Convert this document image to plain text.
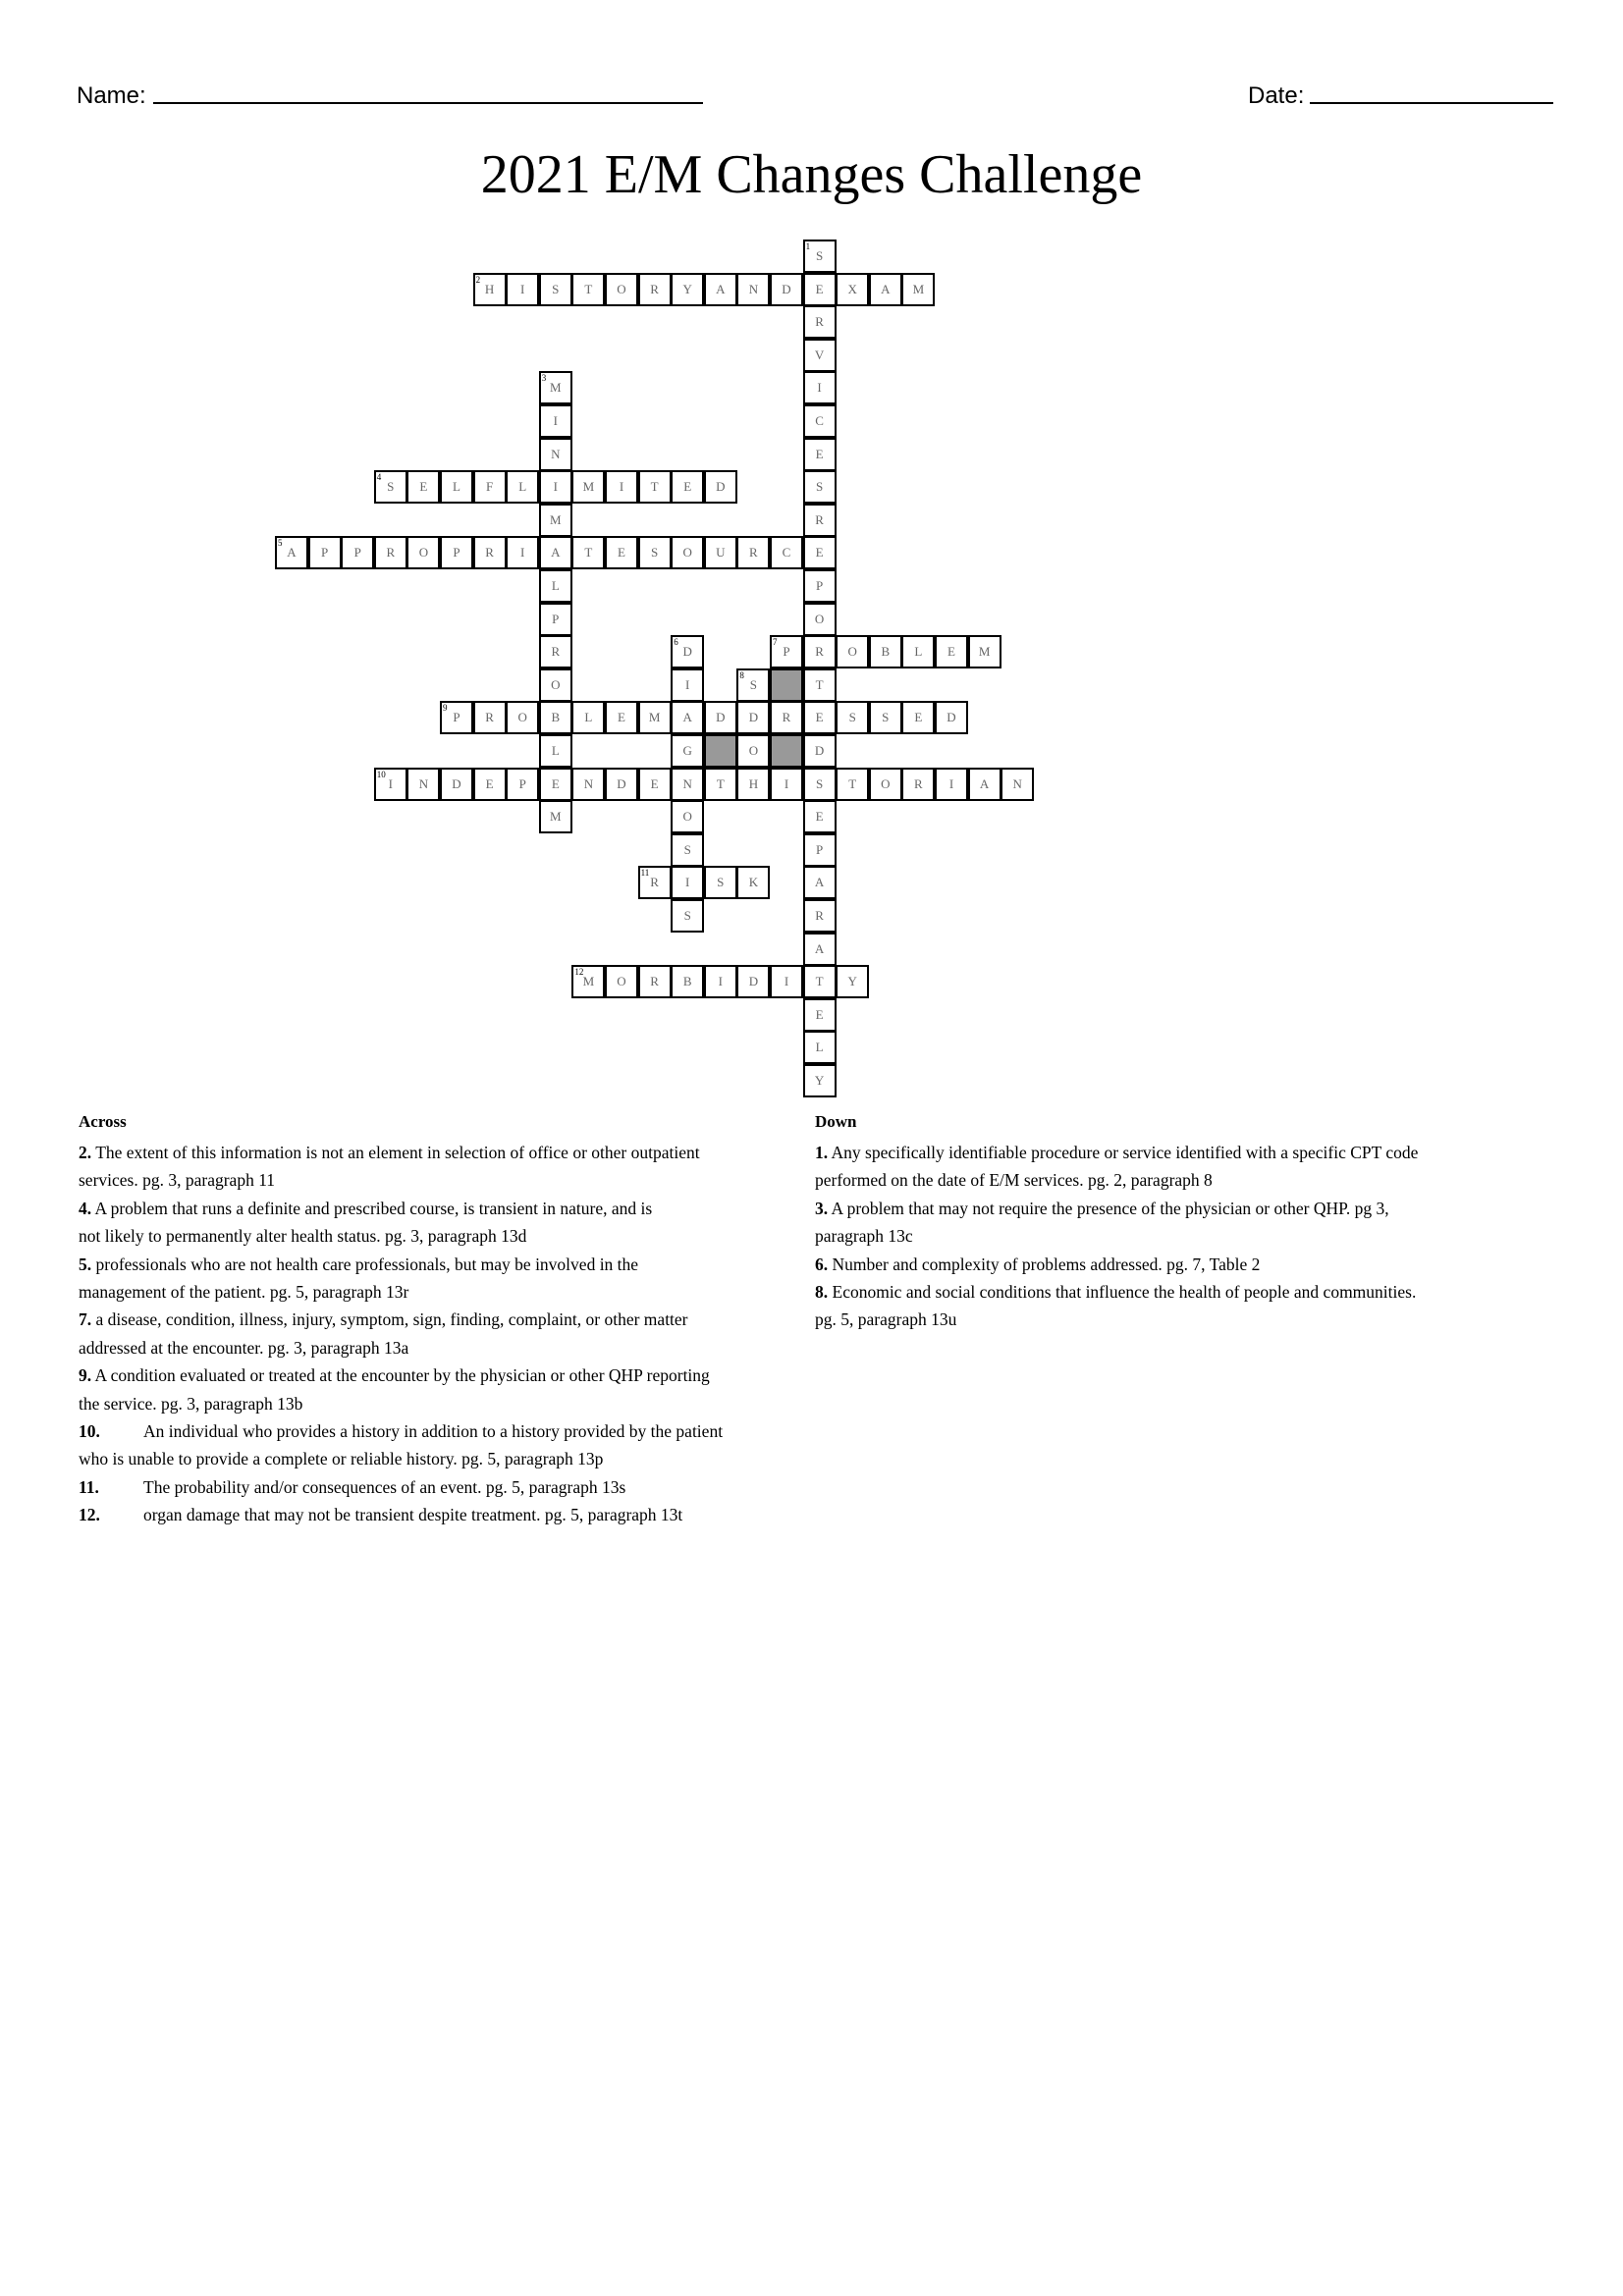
Name:	Date:
2021 E/M Changes Challenge
S
1
E
R
V
I
C
E
S
R
E
P
O
R
T
E
D
S
E
P
A
R
A
T
E
L
Y
H
2
I S T O R Y A N D	X A M
M
3
I
N
I
M
A
L
P
R
O
B
L
E
M
S
4
E L F L	M I T E D
A
5
P P R O P R I	T E S O U R C
D
6
I
A
G
N
O
S
I
S
P
7
O B L E M
S
8
D
O
H
P
9
R O	L E M	D	R	S S E D
I
10
N D E P	N D E	T	I	T O R I A N
R
11
S K
M
12
O R B I D I	Y
Across
2. The extent of this information is not an element in selection of office or other outpatient
services. pg. 3, paragraph 11
4. A problem that runs a definite and prescribed course, is transient in nature, and is
not likely to permanently alter health status. pg. 3, paragraph 13d
5. professionals who are not health care professionals, but may be involved in the
management of the patient. pg. 5, paragraph 13r
7. a disease, condition, illness, injury, symptom, sign, finding, complaint, or other matter
addressed at the encounter. pg. 3, paragraph 13a
9. A condition evaluated or treated at the encounter by the physician or other QHP reporting
the service. pg. 3, paragraph 13b
10.	An individual who provides a history in addition to a history provided by the patient
who is unable to provide a complete or reliable history. pg. 5, paragraph 13p
11.	The probability and/or consequences of an event. pg. 5, paragraph 13s
12.	organ damage that may not be transient despite treatment. pg. 5, paragraph 13t
Down
1. Any specifically identifiable procedure or service identified with a specific CPT code
performed on the date of E/M services. pg. 2, paragraph 8
3. A problem that may not require the presence of the physician or other QHP. pg 3,
paragraph 13c
6. Number and complexity of problems addressed. pg. 7, Table 2
8. Economic and social conditions that influence the health of people and communities.
pg. 5, paragraph 13u
